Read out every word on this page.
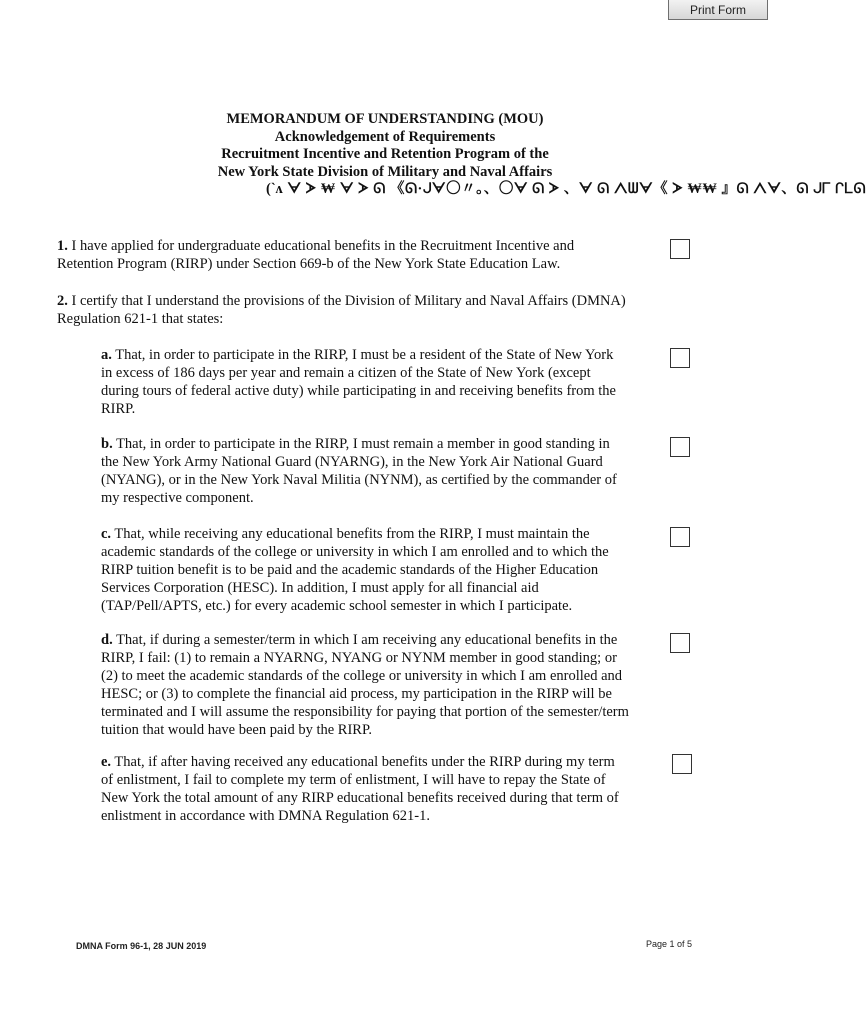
Print Form
MEMORANDUM OF UNDERSTANDING (MOU)
Acknowledgement of Requirements
Recruitment Incentive and Retention Program of the
New York State Division of Military and Naval Affairs
(ˋ᠋ᴧ ᗄ ᗆ ₩ ᗄ ᗆ ᘏ 《ᘏ·ᒍᗄ〇〃。、〇ᗄ ᘏ ᗆ 、ᗄ ᘏ ᐱᗯᗄ《 ᗆ ₩₩ 』ᘏ ᐱᗄ、ᘏ ᒍᒥ ᒋᒪᘏ

1. I have applied for undergraduate educational benefits in the Recruitment Incentive and Retention Program (RIRP) under Section 669-b of the New York State Education Law.

2. I certify that I understand the provisions of the Division of Military and Naval Affairs (DMNA) Regulation 621-1 that states:

a. That, in order to participate in the RIRP, I must be a resident of the State of New York in excess of 186 days per year and remain a citizen of the State of New York (except during tours of federal active duty) while participating in and receiving benefits from the RIRP.

b. That, in order to participate in the RIRP, I must remain a member in good standing in the New York Army National Guard (NYARNG), in the New York Air National Guard (NYANG), or in the New York Naval Militia (NYNM), as certified by the commander of my respective component.

c. That, while receiving any educational benefits from the RIRP, I must maintain the academic standards of the college or university in which I am enrolled and to which the RIRP tuition benefit is to be paid and the academic standards of the Higher Education Services Corporation (HESC). In addition, I must apply for all financial aid (TAP/Pell/APTS, etc.) for every academic school semester in which I participate.

d. That, if during a semester/term in which I am receiving any educational benefits in the RIRP, I fail: (1) to remain a NYARNG, NYANG or NYNM member in good standing; or (2) to meet the academic standards of the college or university in which I am enrolled and HESC; or (3) to complete the financial aid process, my participation in the RIRP will be terminated and I will assume the responsibility for paying that portion of the semester/term tuition that would have been paid by the RIRP.

e. That, if after having received any educational benefits under the RIRP during my term of enlistment, I fail to complete my term of enlistment, I will have to repay the State of New York the total amount of any RIRP educational benefits received during that term of enlistment in accordance with DMNA Regulation 621-1.

DMNA Form 96-1, 28 JUN 2019	Page 1 of 5
